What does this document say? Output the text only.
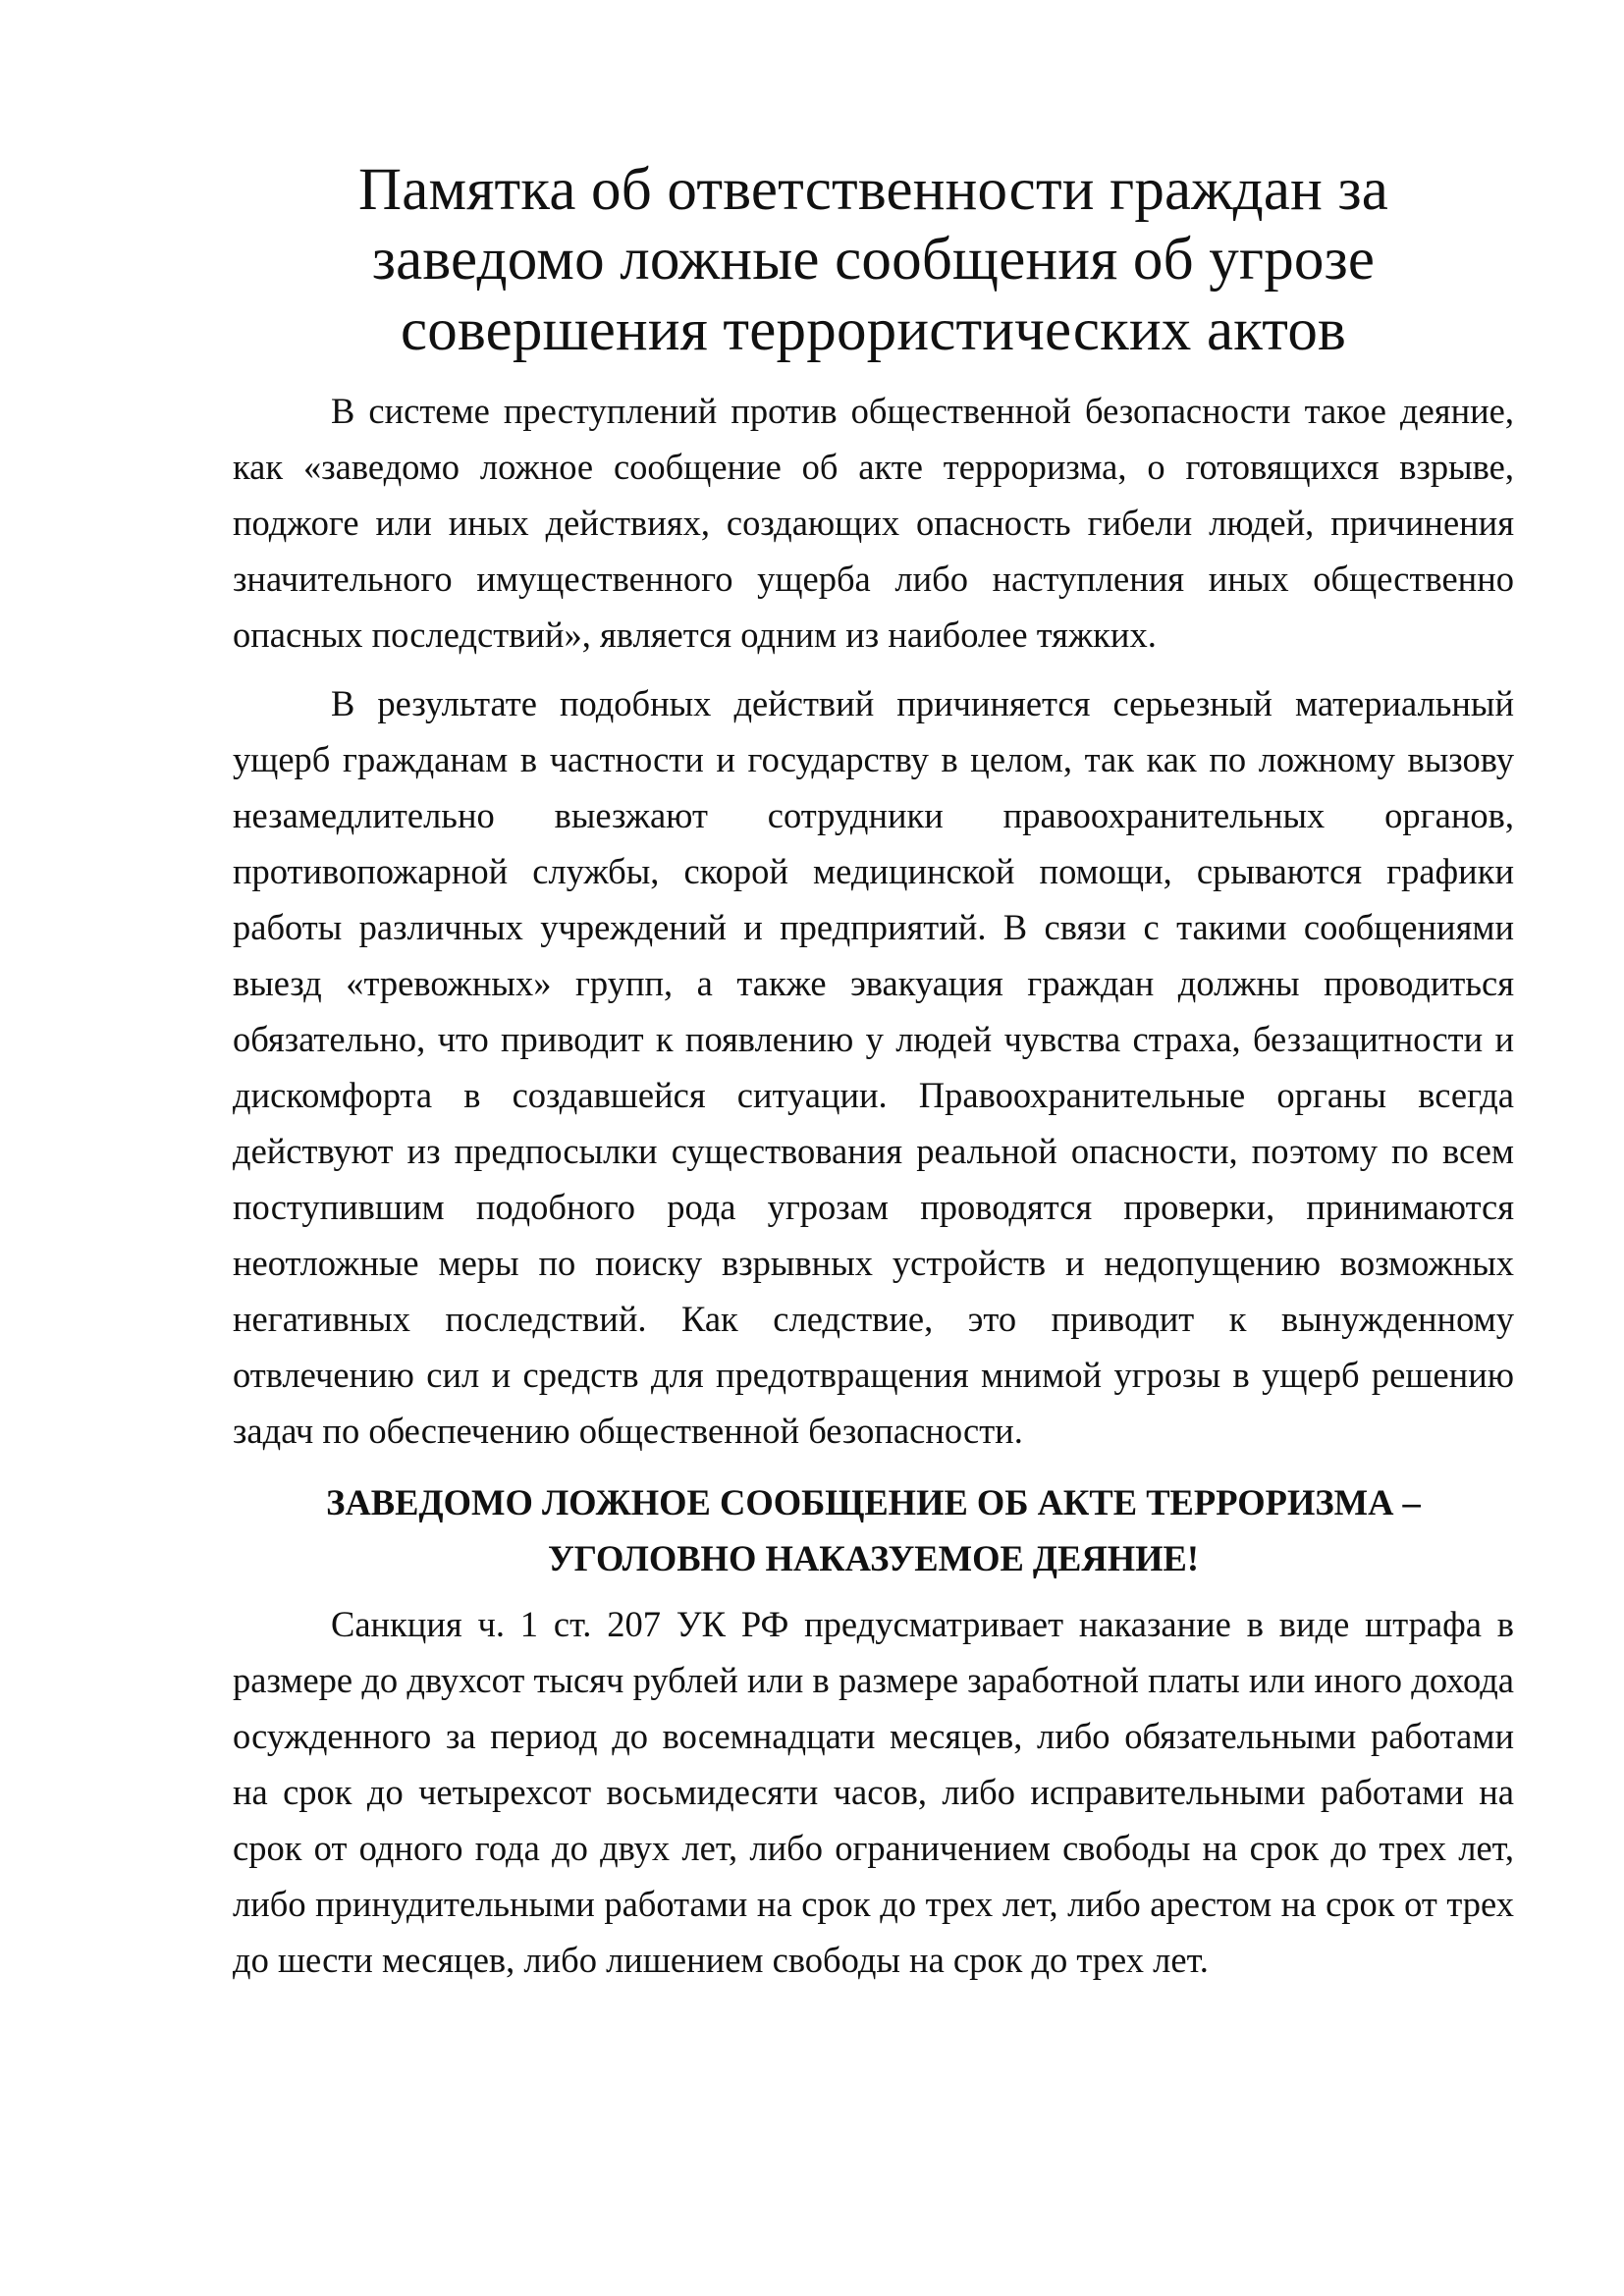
Памятка об ответственности граждан за
заведомо ложные сообщения об угрозе
совершения террористических актов

В системе преступлений против общественной безопасности такое деяние, как «заведомо ложное сообщение об акте терроризма, о готовящихся взрыве, поджоге или иных действиях, создающих опасность гибели людей, причинения значительного имущественного ущерба либо наступления иных общественно опасных последствий», является одним из наиболее тяжких.

В результате подобных действий причиняется серьезный материальный ущерб гражданам в частности и государству в целом, так как по ложному вызову незамедлительно выезжают сотрудники правоохранительных органов, противопожарной службы, скорой медицинской помощи, срываются графики работы различных учреждений и предприятий. В связи с такими сообщениями выезд «тревожных» групп, а также эвакуация граждан должны проводиться обязательно, что приводит к появлению у людей чувства страха, беззащитности и дискомфорта в создавшейся ситуации. Правоохранительные органы всегда действуют из предпосылки существования реальной опасности, поэтому по всем поступившим подобного рода угрозам проводятся проверки, принимаются неотложные меры по поиску взрывных устройств и недопущению возможных негативных последствий. Как следствие, это приводит к вынужденному отвлечению сил и средств для предотвращения мнимой угрозы в ущерб решению задач по обеспечению общественной безопасности.

ЗАВЕДОМО ЛОЖНОЕ СООБЩЕНИЕ ОБ АКТЕ ТЕРРОРИЗМА –
УГОЛОВНО НАКАЗУЕМОЕ ДЕЯНИЕ!

Санкция ч. 1 ст. 207 УК РФ предусматривает наказание в виде штрафа в размере до двухсот тысяч рублей или в размере заработной платы или иного дохода осужденного за период до восемнадцати месяцев, либо обязательными работами на срок до четырехсот восьмидесяти часов, либо исправительными работами на срок от одного года до двух лет, либо ограничением свободы на срок до трех лет, либо принудительными работами на срок до трех лет, либо арестом на срок от трех до шести месяцев, либо лишением свободы на срок до трех лет.
